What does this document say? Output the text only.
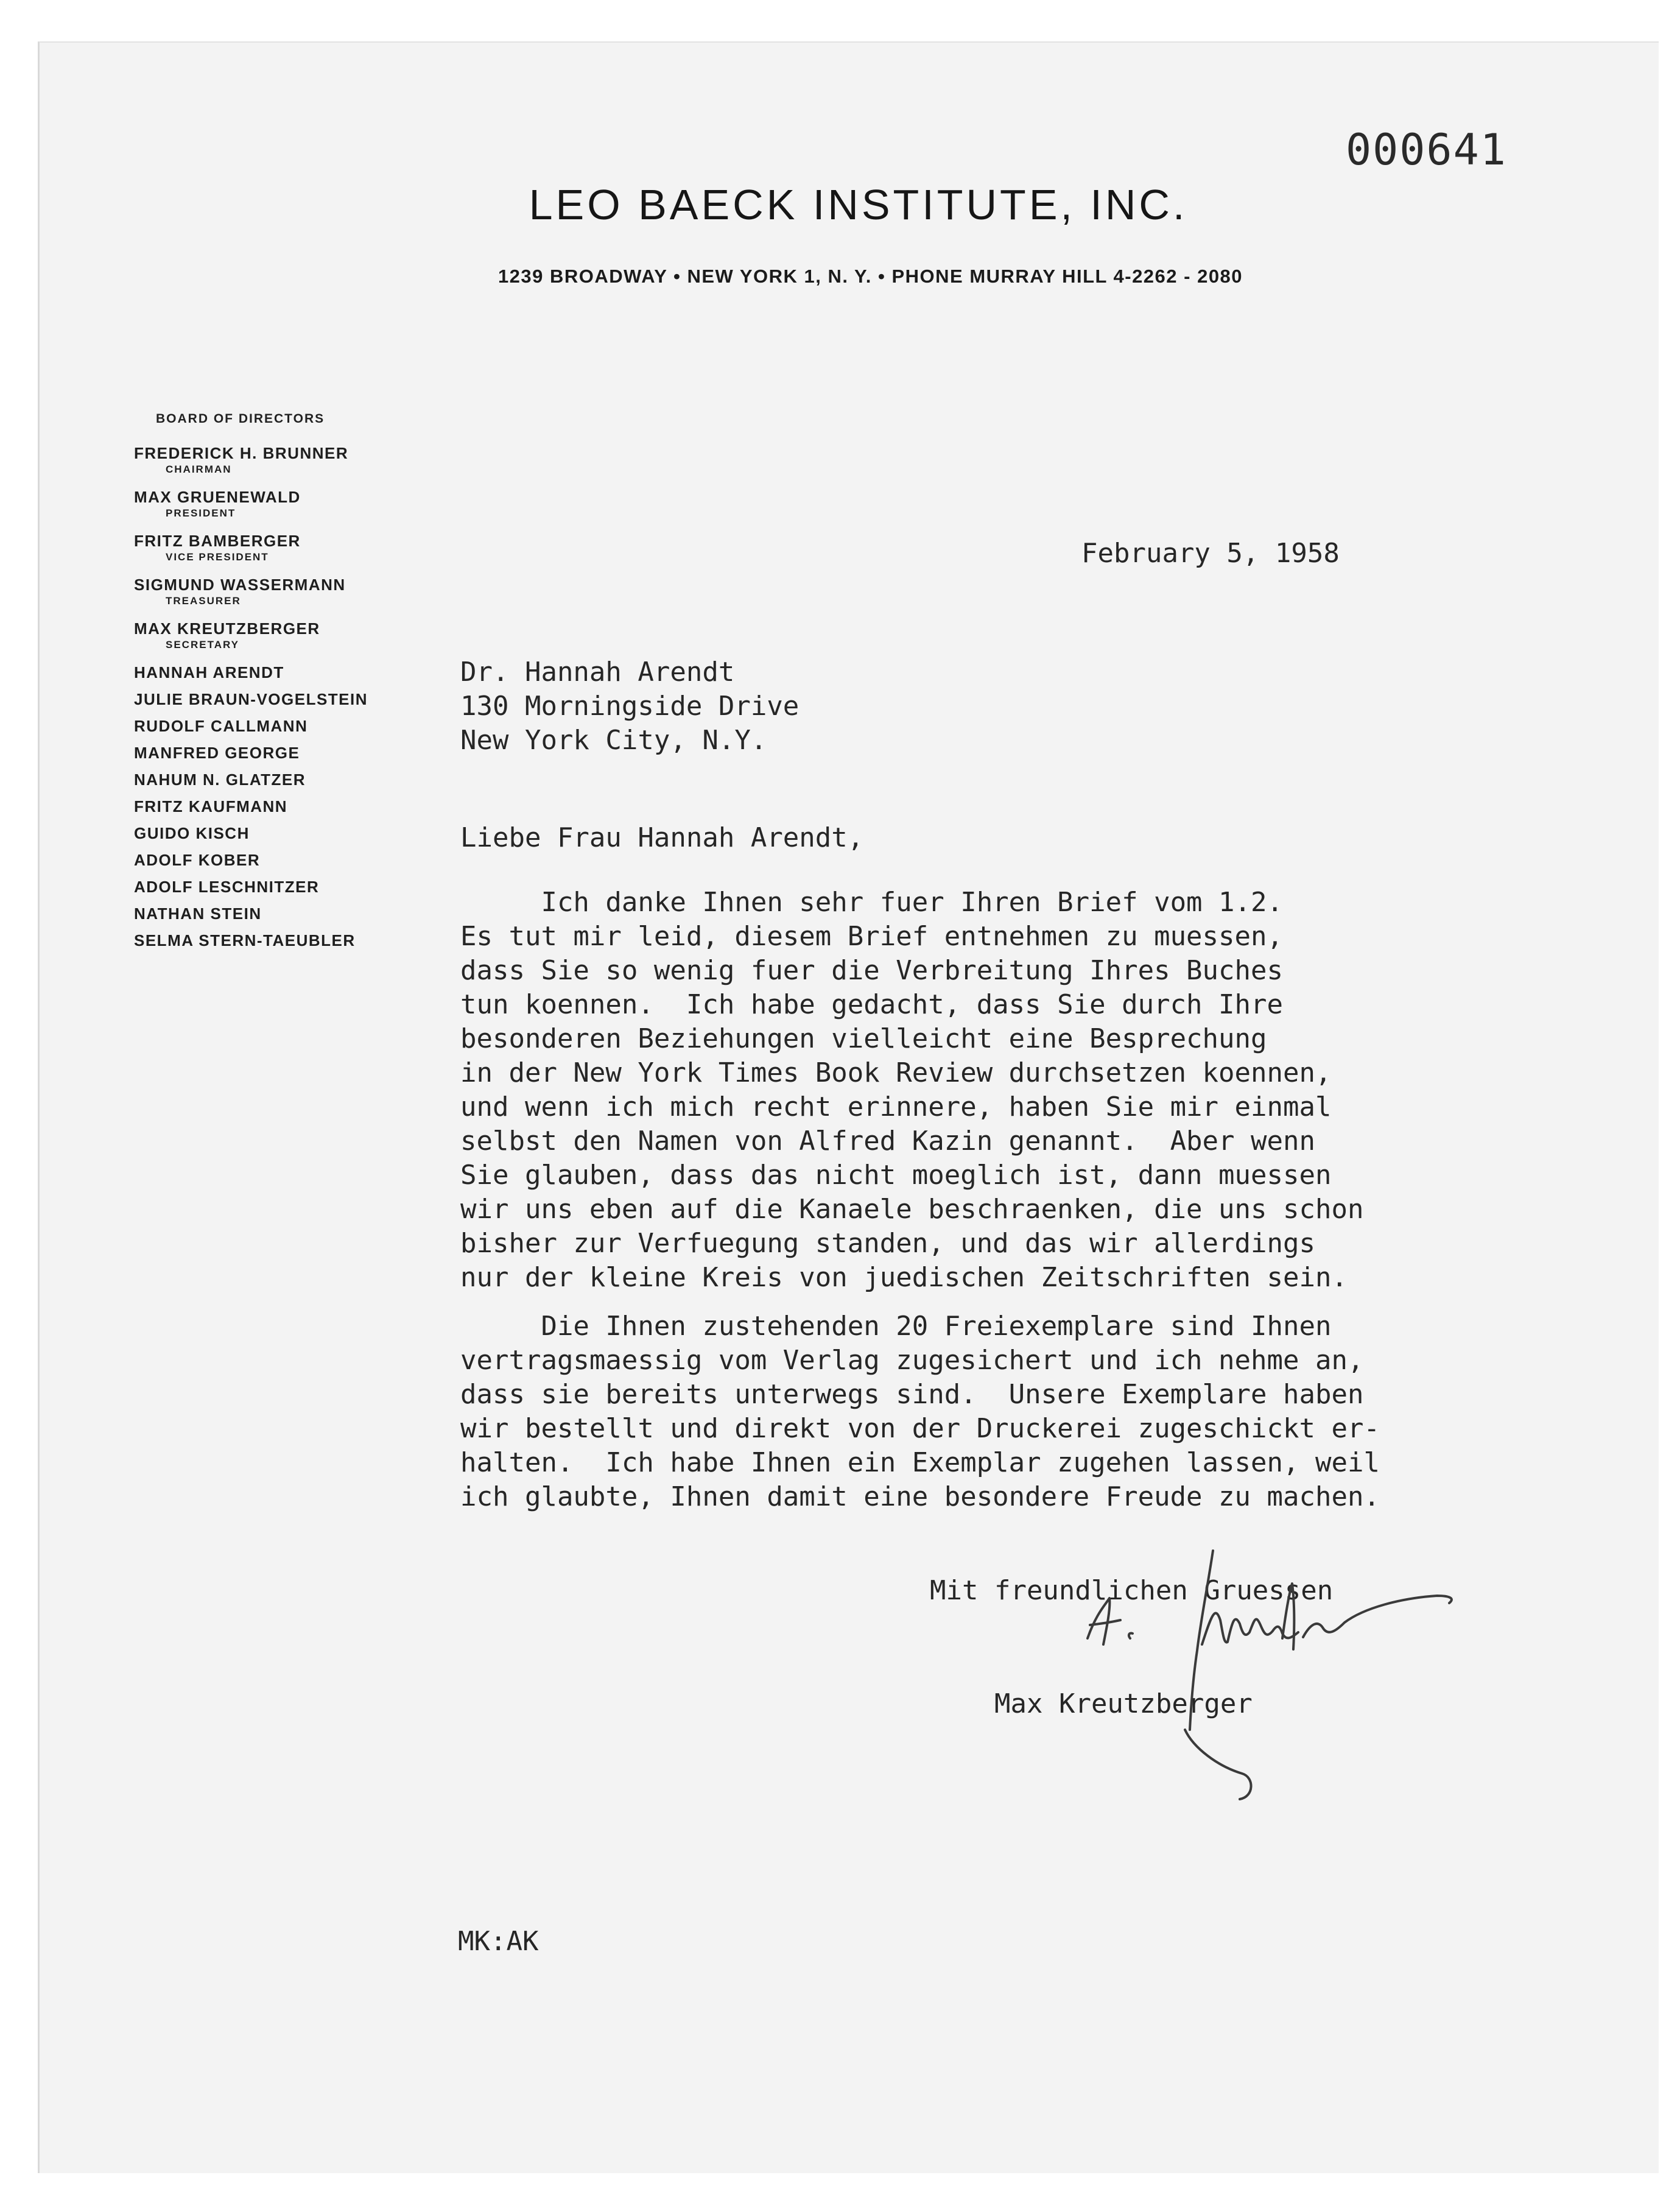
000641
LEO BAECK INSTITUTE, INC.
1239 BROADWAY • NEW YORK 1, N. Y. • PHONE MURRAY HILL 4-2262 - 2080
BOARD OF DIRECTORS
FREDERICK H. BRUNNER
CHAIRMAN
MAX GRUENEWALD
PRESIDENT
FRITZ BAMBERGER
VICE PRESIDENT
SIGMUND WASSERMANN
TREASURER
MAX KREUTZBERGER
SECRETARY
HANNAH ARENDT
JULIE BRAUN-VOGELSTEIN
RUDOLF CALLMANN
MANFRED GEORGE
NAHUM N. GLATZER
FRITZ KAUFMANN
GUIDO KISCH
ADOLF KOBER
ADOLF LESCHNITZER
NATHAN STEIN
SELMA STERN-TAEUBLER
February 5, 1958
Dr. Hannah Arendt
130 Morningside Drive
New York City, N.Y.
Liebe Frau Hannah Arendt,
Ich danke Ihnen sehr fuer Ihren Brief vom 1.2.
Es tut mir leid, diesem Brief entnehmen zu muessen,
dass Sie so wenig fuer die Verbreitung Ihres Buches
tun koennen.  Ich habe gedacht, dass Sie durch Ihre
besonderen Beziehungen vielleicht eine Besprechung
in der New York Times Book Review durchsetzen koennen,
und wenn ich mich recht erinnere, haben Sie mir einmal
selbst den Namen von Alfred Kazin genannt.  Aber wenn
Sie glauben, dass das nicht moeglich ist, dann muessen
wir uns eben auf die Kanaele beschraenken, die uns schon
bisher zur Verfuegung standen, und das wir allerdings
nur der kleine Kreis von juedischen Zeitschriften sein.
Die Ihnen zustehenden 20 Freiexemplare sind Ihnen
vertragsmaessig vom Verlag zugesichert und ich nehme an,
dass sie bereits unterwegs sind.  Unsere Exemplare haben
wir bestellt und direkt von der Druckerei zugeschickt er-
halten.  Ich habe Ihnen ein Exemplar zugehen lassen, weil
ich glaubte, Ihnen damit eine besondere Freude zu machen.
Mit freundlichen Gruessen
Max Kreutzberger
MK:AK
